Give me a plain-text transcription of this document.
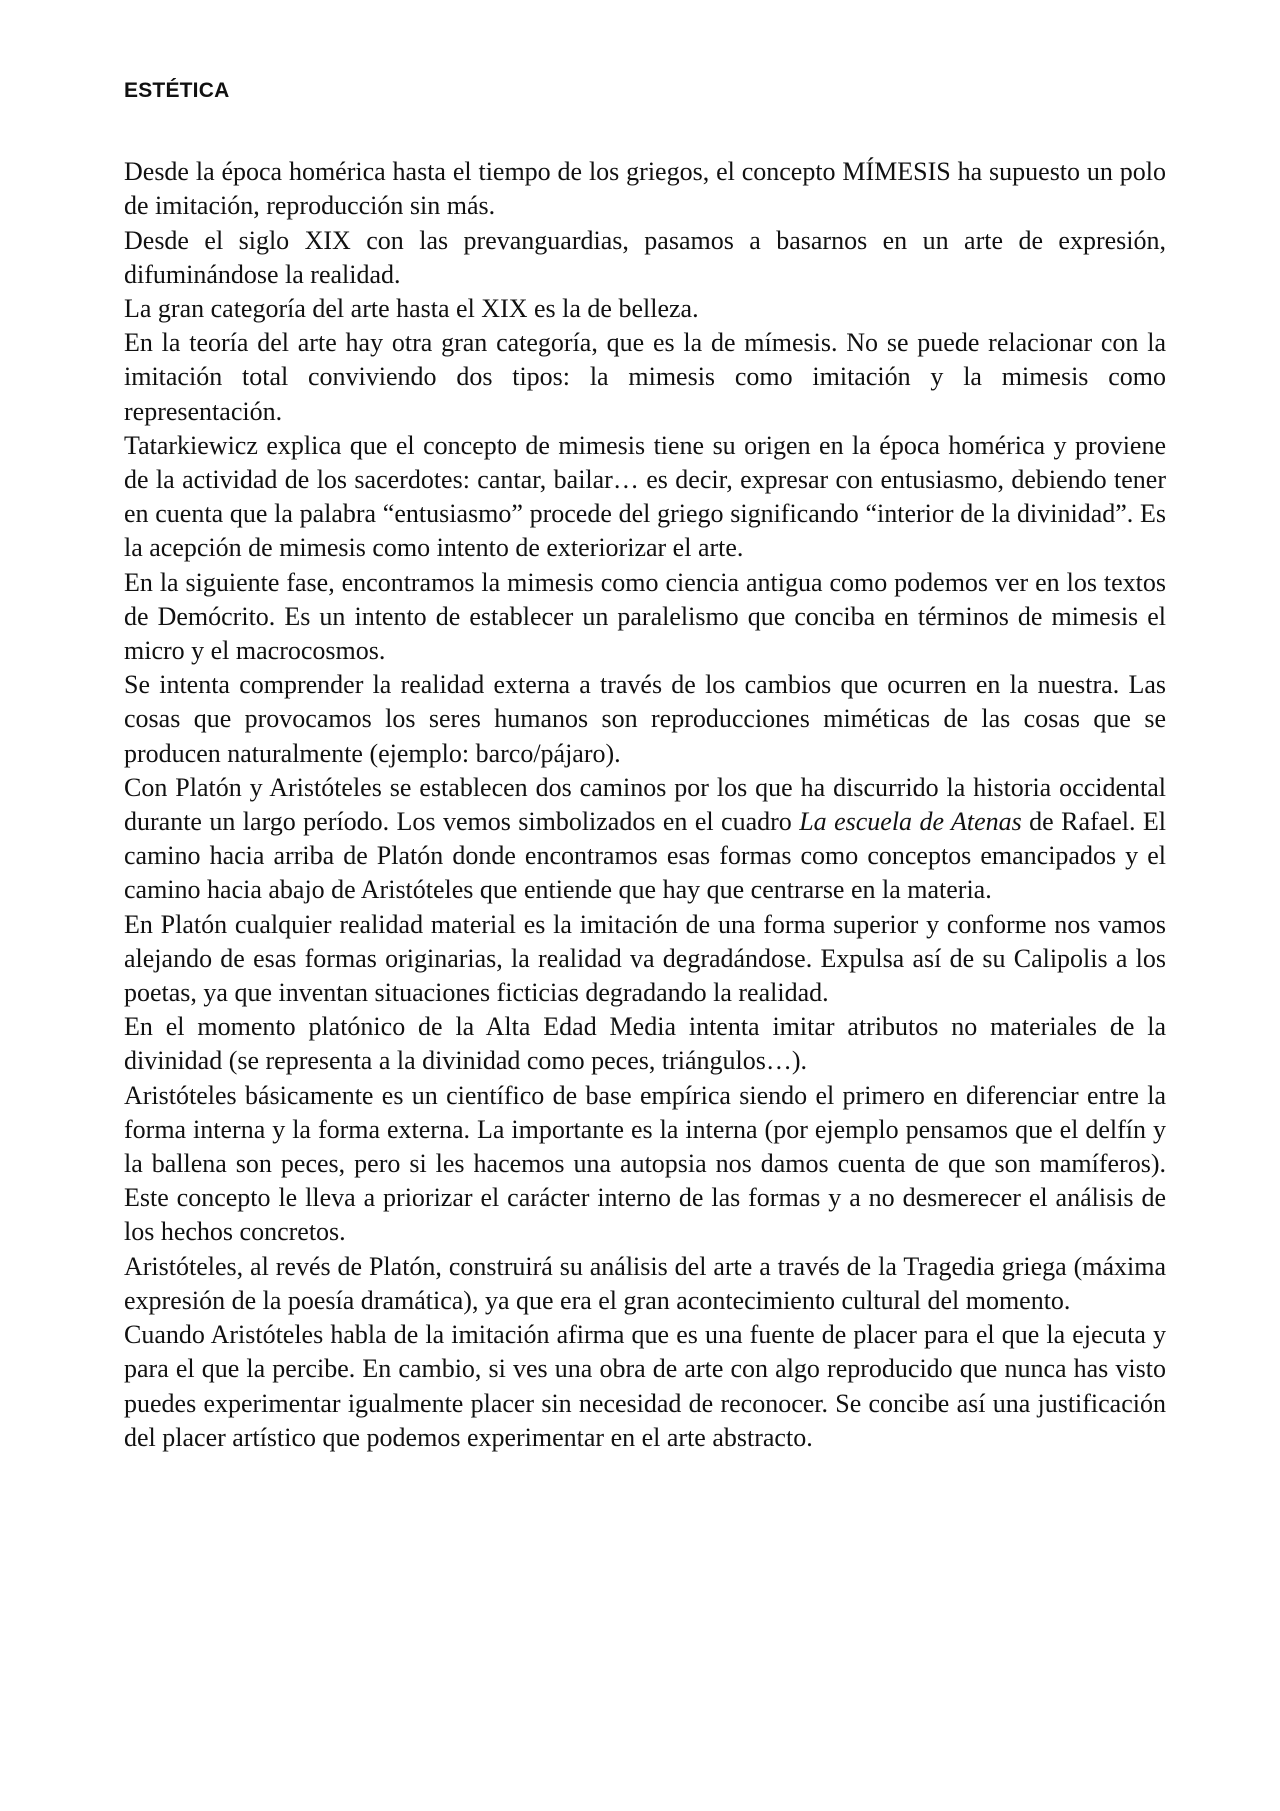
ESTÉTICA

Desde la época homérica hasta el tiempo de los griegos, el concepto MÍMESIS ha supuesto un polo de imitación, reproducción sin más.

Desde el siglo XIX con las prevanguardias, pasamos a basarnos en un arte de expresión, difuminándose la realidad.

La gran categoría del arte hasta el XIX es la de belleza.

En la teoría del arte hay otra gran categoría, que es la de mímesis. No se puede relacionar con la imitación total conviviendo dos tipos: la mimesis como imitación y la mimesis como representación.

Tatarkiewicz explica que el concepto de mimesis tiene su origen en la época homérica y proviene de la actividad de los sacerdotes: cantar, bailar… es decir, expresar con entusiasmo, debiendo tener en cuenta que la palabra “entusiasmo” procede del griego significando “interior de la divinidad”. Es la acepción de mimesis como intento de exteriorizar el arte.

En la siguiente fase, encontramos la mimesis como ciencia antigua como podemos ver en los textos de Demócrito. Es un intento de establecer un paralelismo que conciba en términos de mimesis el micro y el macrocosmos.

Se intenta comprender la realidad externa a través de los cambios que ocurren en la nuestra. Las cosas que provocamos los seres humanos son reproducciones miméticas de las cosas que se producen naturalmente (ejemplo: barco/pájaro).

Con Platón y Aristóteles se establecen dos caminos por los que ha discurrido la historia occidental durante un largo período. Los vemos simbolizados en el cuadro La escuela de Atenas de Rafael. El camino hacia arriba de Platón donde encontramos esas formas como conceptos emancipados y el camino hacia abajo de Aristóteles que entiende que hay que centrarse en la materia.

En Platón cualquier realidad material es la imitación de una forma superior y conforme nos vamos alejando de esas formas originarias, la realidad va degradándose. Expulsa así de su Calipolis a los poetas, ya que inventan situaciones ficticias degradando la realidad.

En el momento platónico de la Alta Edad Media intenta imitar atributos no materiales de la divinidad (se representa a la divinidad como peces, triángulos…).

Aristóteles básicamente es un científico de base empírica siendo el primero en diferenciar entre la forma interna y la forma externa. La importante es la interna (por ejemplo pensamos que el delfín y la ballena son peces, pero si les hacemos una autopsia nos damos cuenta de que son mamíferos). Este concepto le lleva a priorizar el carácter interno de las formas y a no desmerecer el análisis de los hechos concretos.

Aristóteles, al revés de Platón, construirá su análisis del arte a través de la Tragedia griega (máxima expresión de la poesía dramática), ya que era el gran acontecimiento cultural del momento.

Cuando Aristóteles habla de la imitación afirma que es una fuente de placer para el que la ejecuta y para el que la percibe. En cambio, si ves una obra de arte con algo reproducido que nunca has visto puedes experimentar igualmente placer sin necesidad de reconocer. Se concibe así una justificación del placer artístico que podemos experimentar en el arte abstracto.
